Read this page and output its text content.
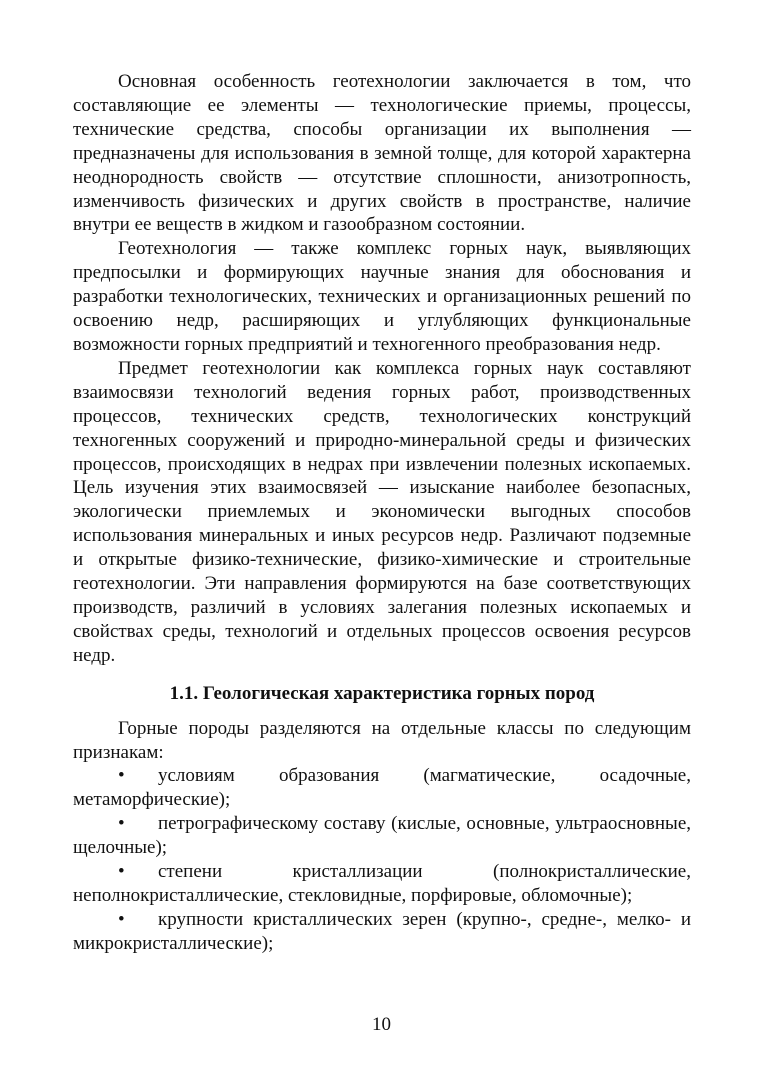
Основная особенность геотехнологии заключается в том, что составляющие ее элементы — технологические приемы, процессы, технические средства, способы организации их выполнения — предназначены для использования в земной толще, для которой характерна неоднородность свойств — отсутствие сплошности, анизотропность, изменчивость физических и других свойств в пространстве, наличие внутри ее веществ в жидком и газообразном состоянии.

Геотехнология — также комплекс горных наук, выявляющих предпосылки и формирующих научные знания для обоснования и разработки технологических, технических и организационных решений по освоению недр, расширяющих и углубляющих функциональные возможности горных предприятий и техногенного преобразования недр.

Предмет геотехнологии как комплекса горных наук составляют взаимосвязи технологий ведения горных работ, производственных процессов, технических средств, технологических конструкций техногенных сооружений и природно-минеральной среды и физических процессов, происходящих в недрах при извлечении полезных ископаемых. Цель изучения этих взаимосвязей — изыскание наиболее безопасных, экологически приемлемых и экономически выгодных способов использования минеральных и иных ресурсов недр. Различают подземные и открытые физико-технические, физико-химические и строительные геотехнологии. Эти направления формируются на базе соответствующих производств, различий в условиях залегания полезных ископаемых и свойствах среды, технологий и отдельных процессов освоения ресурсов недр.

1.1. Геологическая характеристика горных пород

Горные породы разделяются на отдельные классы по следующим признакам:

• условиям образования (магматические, осадочные, метаморфические);
• петрографическому составу (кислые, основные, ультраосновные, щелочные);
• степени кристаллизации (полнокристаллические, неполнокристаллические, стекловидные, порфировые, обломочные);
• крупности кристаллических зерен (крупно-, средне-, мелко- и микрокристаллические);
10
